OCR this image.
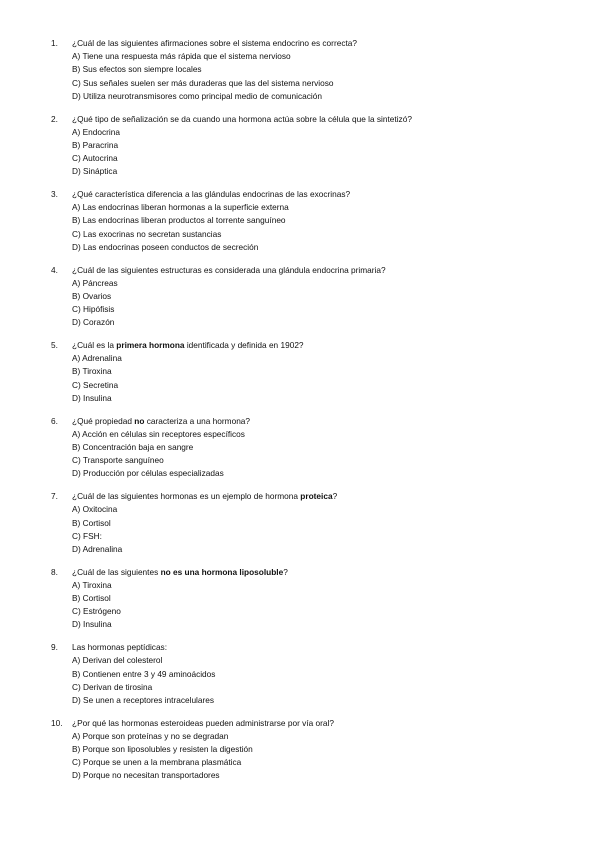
1.	¿Cuál de las siguientes afirmaciones sobre el sistema endocrino es correcta?
A) Tiene una respuesta más rápida que el sistema nervioso
B) Sus efectos son siempre locales
C) Sus señales suelen ser más duraderas que las del sistema nervioso
D) Utiliza neurotransmisores como principal medio de comunicación
2.	¿Qué tipo de señalización se da cuando una hormona actúa sobre la célula que la sintetizó?
A) Endocrina
B) Paracrina
C) Autocrina
D) Sináptica
3.	¿Qué característica diferencia a las glándulas endocrinas de las exocrinas?
A) Las endocrinas liberan hormonas a la superficie externa
B) Las endocrinas liberan productos al torrente sanguíneo
C) Las exocrinas no secretan sustancias
D) Las endocrinas poseen conductos de secreción
4.	¿Cuál de las siguientes estructuras es considerada una glándula endocrina primaria?
A) Páncreas
B) Ovarios
C) Hipófisis
D) Corazón
5.	¿Cuál es la primera hormona identificada y definida en 1902?
A) Adrenalina
B) Tiroxina
C) Secretina
D) Insulina
6.	¿Qué propiedad no caracteriza a una hormona?
A) Acción en células sin receptores específicos
B) Concentración baja en sangre
C) Transporte sanguíneo
D) Producción por células especializadas
7.	¿Cuál de las siguientes hormonas es un ejemplo de hormona proteica?
A) Oxitocina
B) Cortisol
C) FSH:
D) Adrenalina
8.	¿Cuál de las siguientes no es una hormona liposoluble?
A) Tiroxina
B) Cortisol
C) Estrógeno
D) Insulina
9.	Las hormonas peptídicas:
A) Derivan del colesterol
B) Contienen entre 3 y 49 aminoácidos
C) Derivan de tirosina
D) Se unen a receptores intracelulares
10.	¿Por qué las hormonas esteroideas pueden administrarse por vía oral?
A) Porque son proteínas y no se degradan
B) Porque son liposolubles y resisten la digestión
C) Porque se unen a la membrana plasmática
D) Porque no necesitan transportadores
